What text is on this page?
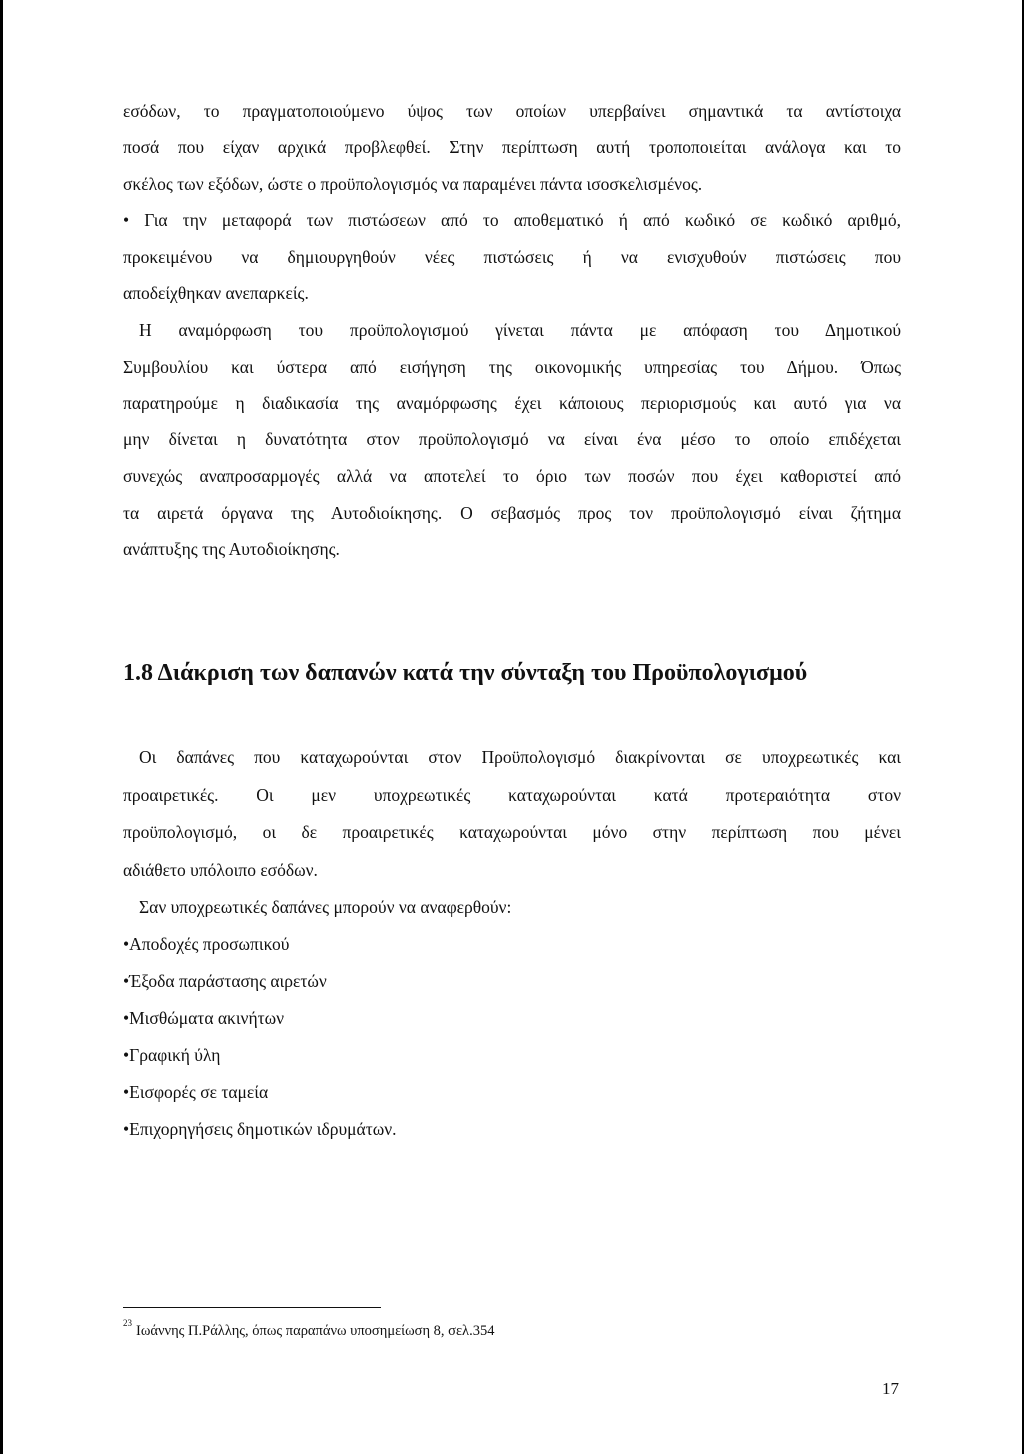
εσόδων, το πραγματοποιούμενο ύψος των οποίων υπερβαίνει σημαντικά τα αντίστοιχα
ποσά που είχαν αρχικά προβλεφθεί. Στην περίπτωση αυτή τροποποιείται ανάλογα και το
σκέλος των εξόδων, ώστε ο προϋπολογισμός να παραμένει πάντα ισοσκελισμένος.
• Για την μεταφορά των πιστώσεων από το αποθεματικό ή από κωδικό σε κωδικό αριθμό,
προκειμένου να δημιουργηθούν νέες πιστώσεις ή να ενισχυθούν πιστώσεις που
αποδείχθηκαν ανεπαρκείς.
Η αναμόρφωση του προϋπολογισμού γίνεται πάντα με απόφαση του Δημοτικού
Συμβουλίου και ύστερα από εισήγηση της οικονομικής υπηρεσίας του Δήμου. Όπως
παρατηρούμε η διαδικασία της αναμόρφωσης έχει κάποιους περιορισμούς και αυτό για να
μην δίνεται η δυνατότητα στον προϋπολογισμό να είναι ένα μέσο το οποίο επιδέχεται
συνεχώς αναπροσαρμογές αλλά να αποτελεί το όριο των ποσών που έχει καθοριστεί από
τα αιρετά όργανα της Αυτοδιοίκησης. Ο σεβασμός προς τον προϋπολογισμό είναι ζήτημα
ανάπτυξης της Αυτοδιοίκησης.
1.8 Διάκριση των δαπανών κατά την σύνταξη του Προϋπολογισμού
Οι δαπάνες που καταχωρούνται στον Προϋπολογισμό διακρίνονται σε υποχρεωτικές και
προαιρετικές. Οι μεν υποχρεωτικές καταχωρούνται κατά προτεραιότητα στον
προϋπολογισμό, οι δε προαιρετικές καταχωρούνται μόνο στην περίπτωση που μένει
αδιάθετο υπόλοιπο εσόδων.
Σαν υποχρεωτικές δαπάνες μπορούν να αναφερθούν:
•Αποδοχές προσωπικού
•Έξοδα παράστασης αιρετών
•Μισθώματα ακινήτων
•Γραφική ύλη
•Εισφορές σε ταμεία
•Επιχορηγήσεις δημοτικών ιδρυμάτων.
$^{23}$ Ιωάννης Π.Ράλλης, όπως παραπάνω υποσημείωση 8, σελ.354
17
